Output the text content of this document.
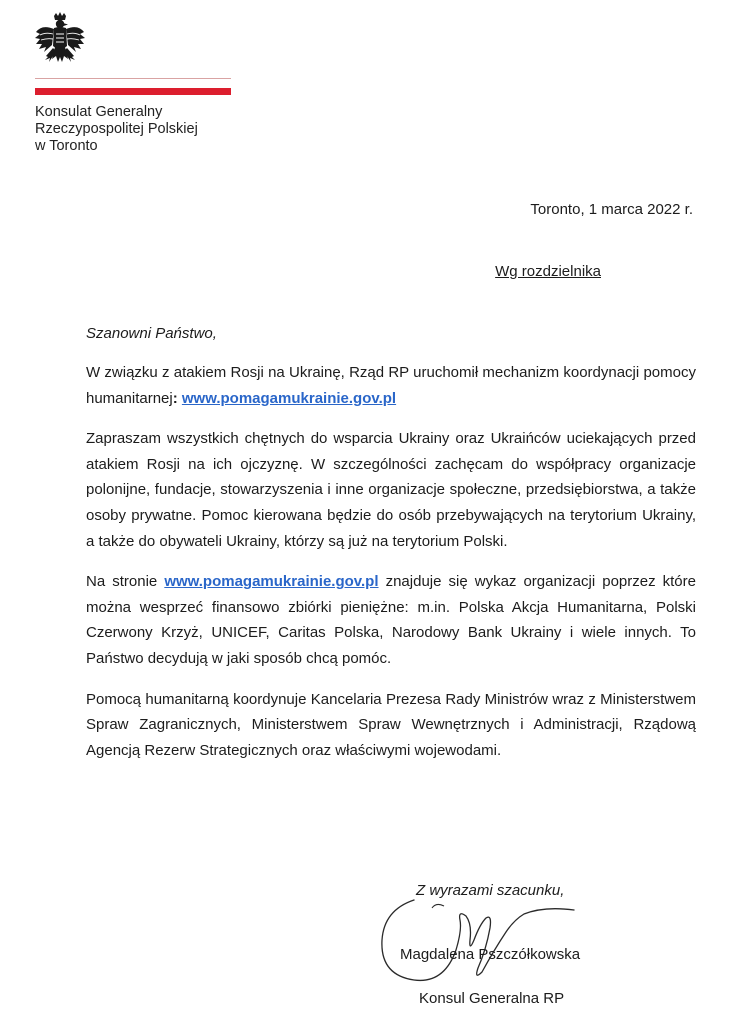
Konsulat Generalny
Rzeczypospolitej Polskiej
w Toronto
Toronto, 1 marca 2022 r.
Wg rozdzielnika
Szanowni Państwo,

W związku z atakiem Rosji na Ukrainę, Rząd RP uruchomił mechanizm koordynacji pomocy humanitarnej: www.pomagamukrainie.gov.pl

Zapraszam wszystkich chętnych do wsparcia Ukrainy oraz Ukraińców uciekających przed atakiem Rosji na ich ojczyznę. W szczególności zachęcam do współpracy organizacje polonijne, fundacje, stowarzyszenia i inne organizacje społeczne, przedsiębiorstwa, a także osoby prywatne. Pomoc kierowana będzie do osób przebywających na terytorium Ukrainy, a także do obywateli Ukrainy, którzy są już na terytorium Polski.

Na stronie www.pomagamukrainie.gov.pl znajduje się wykaz organizacji poprzez które można wesprzeć finansowo zbiórki pieniężne: m.in. Polska Akcja Humanitarna, Polski Czerwony Krzyż, UNICEF, Caritas Polska, Narodowy Bank Ukrainy i wiele innych. To Państwo decydują w jaki sposób chcą pomóc.

Pomocą humanitarną koordynuje Kancelaria Prezesa Rady Ministrów wraz z Ministerstwem Spraw Zagranicznych, Ministerstwem Spraw Wewnętrznych i Administracji, Rządową Agencją Rezerw Strategicznych oraz właściwymi wojewodami.

Z wyrazami szacunku,
Magdalena Pszczółkowska
Konsul Generalna RP
